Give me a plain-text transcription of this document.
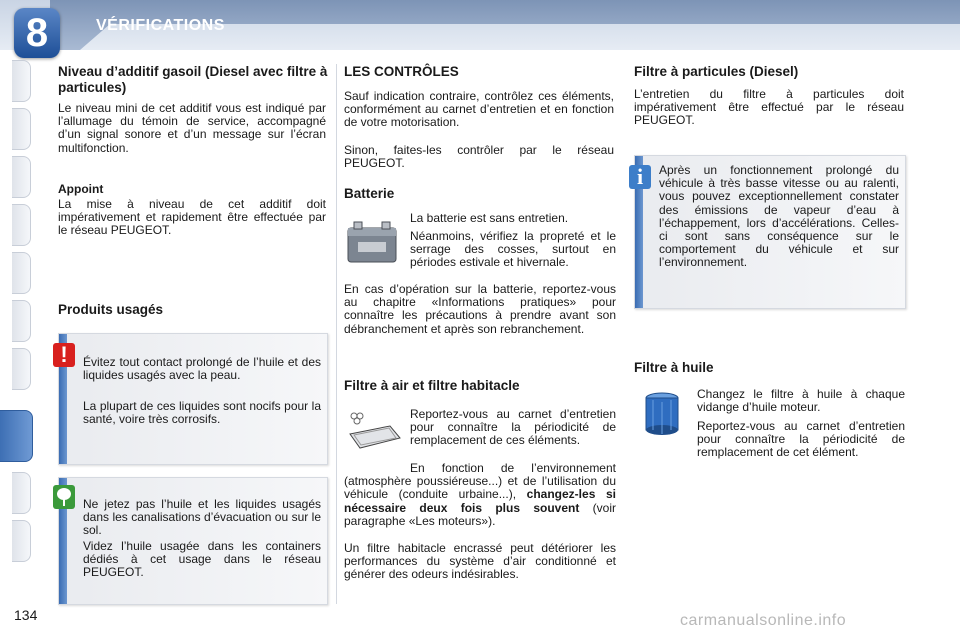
8	VÉRIFICATIONS
Niveau d’additif gasoil (Diesel avec filtre à particules)
Le niveau mini de cet additif vous est indiqué par l’allumage du témoin de service, accompagné d’un signal sonore et d’un message sur l’écran multifonction.
Appoint
La mise à niveau de cet additif doit impérativement et rapidement être effectuée par le réseau PEUGEOT.
Produits usagés
Évitez tout contact prolongé de l’huile et des liquides usagés avec la peau.
La plupart de ces liquides sont nocifs pour la santé, voire très corrosifs.
!
Ne jetez pas l’huile et les liquides usagés dans les canalisations d’évacuation ou sur le sol.
Videz l’huile usagée dans les containers dédiés à cet usage dans le réseau PEUGEOT.
LES CONTRÔLES
Sauf indication contraire, contrôlez ces éléments, conformément au carnet d’entretien et en fonction de votre motorisation.
Sinon, faites-les contrôler par le réseau PEUGEOT.
Batterie
La batterie est sans entretien.
Néanmoins, vérifiez la propreté et le serrage des cosses, surtout en périodes estivale et hivernale.
En cas d’opération sur la batterie, reportez-vous au chapitre «Informations pratiques» pour connaître les précautions à prendre avant son débranchement et après son rebranchement.
Filtre à air et filtre habitacle
Reportez-vous au carnet d’entretien pour connaître la périodicité de remplacement de ces éléments.
En fonction de l’environnement (atmosphère poussiéreuse...) et de l’utilisation du véhicule (conduite urbaine...), changez-les si nécessaire deux fois plus souvent (voir paragraphe «Les moteurs»).
Un filtre habitacle encrassé peut détériorer les performances du système d’air conditionné et générer des odeurs indésirables.
Filtre à particules (Diesel)
L’entretien du filtre à particules doit impérativement être effectué par le réseau PEUGEOT.
Après un fonctionnement prolongé du véhicule à très basse vitesse ou au ralenti, vous pouvez exceptionnellement constater des émissions de vapeur d’eau à l’échappement, lors d’accélérations. Celles-ci sont sans conséquence sur le comportement du véhicule et sur l’environnement.
i
Filtre à huile
Changez le filtre à huile à chaque vidange d’huile moteur.
Reportez-vous au carnet d’entretien pour connaître la périodicité de remplacement de cet élément.
134	carmanualsonline.info
